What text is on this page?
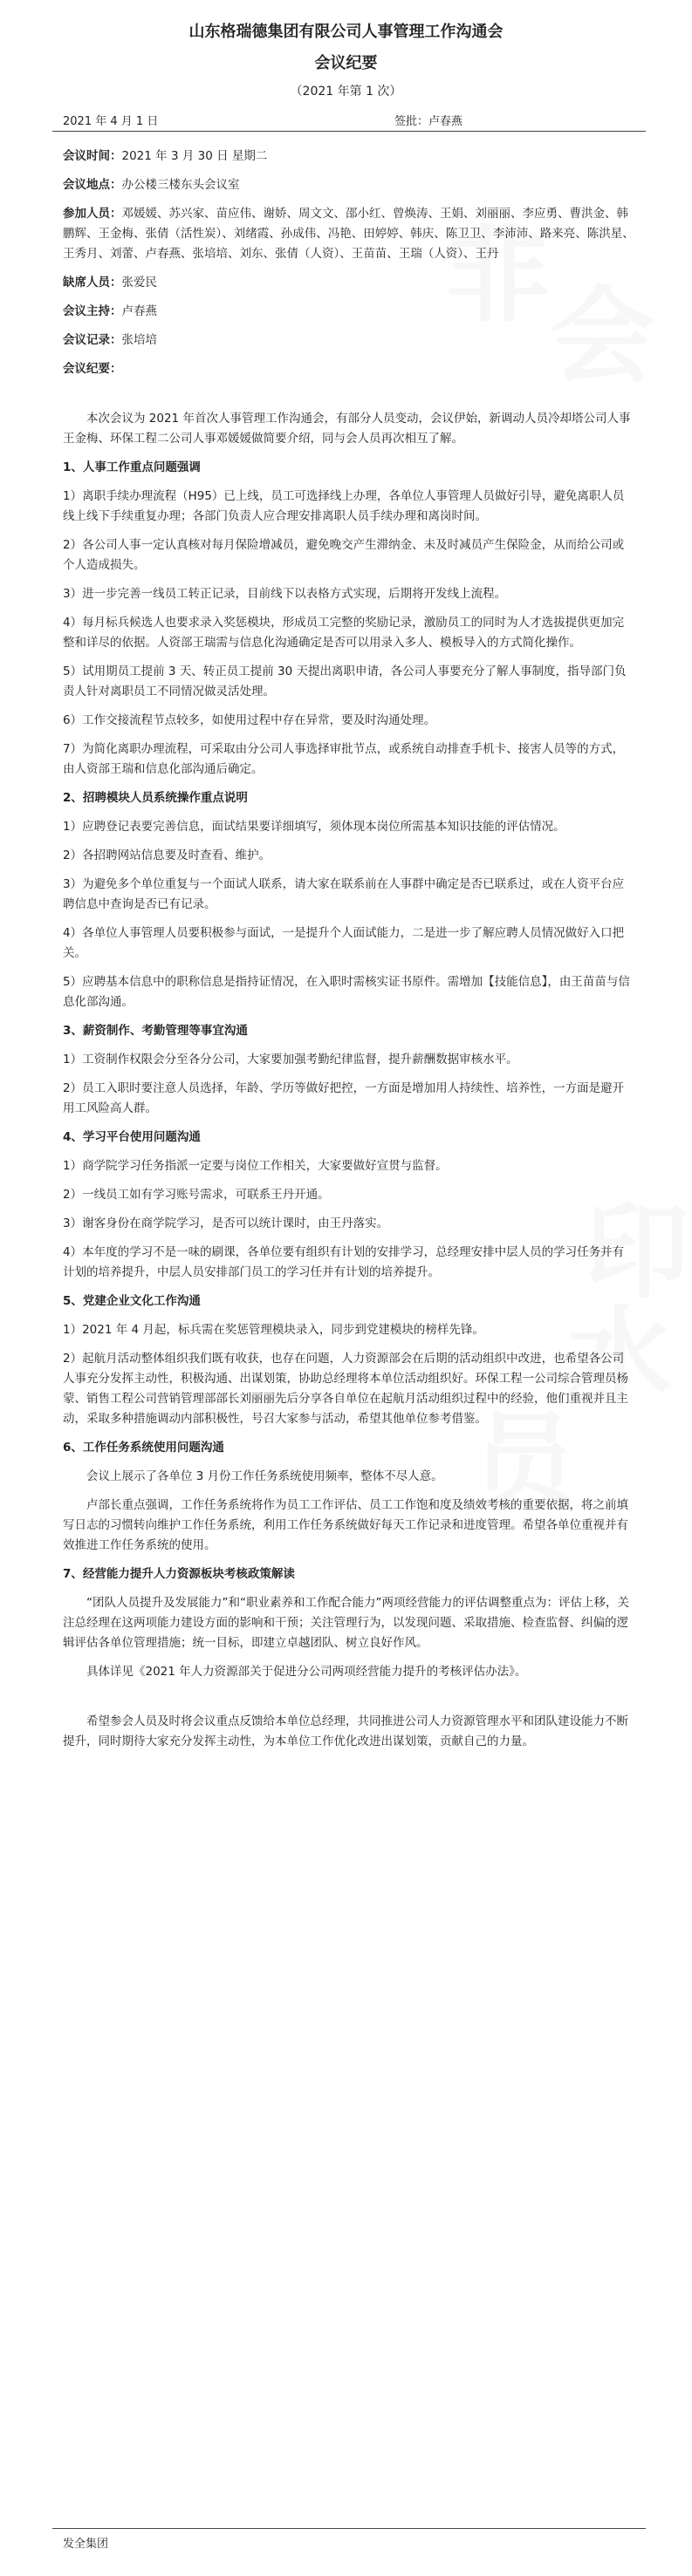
非
会
员
水
印
山东格瑞德集团有限公司人事管理工作沟通会
会议纪要
（2021 年第 1 次）
2021 年 4 月 1 日	签批：卢春燕
会议时间：2021 年 3 月 30 日 星期二
会议地点：办公楼三楼东头会议室
参加人员：邓媛媛、苏兴家、苗应伟、谢娇、周文文、邵小红、曾焕涛、王娟、刘丽丽、李应勇、曹洪金、韩鹏辉、王金梅、张倩（活性炭）、刘绪霞、孙成伟、冯艳、田婷婷、韩庆、陈卫卫、李沛沛、路来亮、陈洪星、王秀月、刘蕾、卢春燕、张培培、刘东、张倩（人资）、王苗苗、王瑞（人资）、王丹
缺席人员：张爱民
会议主持：卢春燕
会议记录：张培培
会议纪要：
本次会议为 2021 年首次人事管理工作沟通会，有部分人员变动，会议伊始，新调动人员冷却塔公司人事王金梅、环保工程二公司人事邓媛媛做简要介绍，同与会人员再次相互了解。
1、人事工作重点问题强调
1）离职手续办理流程（H95）已上线，员工可选择线上办理，各单位人事管理人员做好引导，避免离职人员线上线下手续重复办理；各部门负责人应合理安排离职人员手续办理和离岗时间。
2）各公司人事一定认真核对每月保险增减员，避免晚交产生滞纳金、未及时减员产生保险金，从而给公司或个人造成损失。
3）进一步完善一线员工转正记录，目前线下以表格方式实现，后期将开发线上流程。
4）每月标兵候选人也要求录入奖惩模块，形成员工完整的奖励记录，激励员工的同时为人才选拔提供更加完整和详尽的依据。人资部王瑞需与信息化沟通确定是否可以用录入多人、模板导入的方式简化操作。
5）试用期员工提前 3 天、转正员工提前 30 天提出离职申请，各公司人事要充分了解人事制度，指导部门负责人针对离职员工不同情况做灵活处理。
6）工作交接流程节点较多，如使用过程中存在异常，要及时沟通处理。
7）为简化离职办理流程，可采取由分公司人事选择审批节点，或系统自动排查手机卡、接害人员等的方式，由人资部王瑞和信息化部沟通后确定。
2、招聘模块人员系统操作重点说明
1）应聘登记表要完善信息，面试结果要详细填写，须体现本岗位所需基本知识技能的评估情况。
2）各招聘网站信息要及时查看、维护。
3）为避免多个单位重复与一个面试人联系，请大家在联系前在人事群中确定是否已联系过，或在人资平台应聘信息中查询是否已有记录。
4）各单位人事管理人员要积极参与面试，一是提升个人面试能力，二是进一步了解应聘人员情况做好入口把关。
5）应聘基本信息中的职称信息是指持证情况，在入职时需核实证书原件。需增加【技能信息】，由王苗苗与信息化部沟通。
3、薪资制作、考勤管理等事宜沟通
1）工资制作权限会分至各分公司，大家要加强考勤纪律监督，提升薪酬数据审核水平。
2）员工入职时要注意人员选择，年龄、学历等做好把控，一方面是增加用人持续性、培养性，一方面是避开用工风险高人群。
4、学习平台使用问题沟通
1）商学院学习任务指派一定要与岗位工作相关，大家要做好宣贯与监督。
2）一线员工如有学习账号需求，可联系王丹开通。
3）谢客身份在商学院学习，是否可以统计课时，由王丹落实。
4）本年度的学习不是一味的刷课，各单位要有组织有计划的安排学习，总经理安排中层人员的学习任务并有计划的培养提升，中层人员安排部门员工的学习任并有计划的培养提升。
5、党建企业文化工作沟通
1）2021 年 4 月起，标兵需在奖惩管理模块录入，同步到党建模块的榜样先锋。
2）起航月活动整体组织我们既有收获，也存在问题，人力资源部会在后期的活动组织中改进，也希望各公司人事充分发挥主动性，积极沟通、出谋划策，协助总经理将本单位活动组织好。环保工程一公司综合管理员杨蒙、销售工程公司营销管理部部长刘丽丽先后分享各自单位在起航月活动组织过程中的经验，他们重视并且主动，采取多种措施调动内部积极性，号召大家参与活动，希望其他单位参考借鉴。
6、工作任务系统使用问题沟通
会议上展示了各单位 3 月份工作任务系统使用频率，整体不尽人意。
卢部长重点强调，工作任务系统将作为员工工作评估、员工工作饱和度及绩效考核的重要依据，将之前填写日志的习惯转向维护工作任务系统，利用工作任务系统做好每天工作记录和进度管理。希望各单位重视并有效推进工作任务系统的使用。
7、经营能力提升人力资源板块考核政策解读
“团队人员提升及发展能力”和“职业素养和工作配合能力”两项经营能力的评估调整重点为：评估上移，关注总经理在这两项能力建设方面的影响和干预；关注管理行为，以发现问题、采取措施、检查监督、纠偏的逻辑评估各单位管理措施；统一目标，即建立卓越团队、树立良好作风。
具体详见《2021 年人力资源部关于促进分公司两项经营能力提升的考核评估办法》。
希望参会人员及时将会议重点反馈给本单位总经理，共同推进公司人力资源管理水平和团队建设能力不断提升，同时期待大家充分发挥主动性，为本单位工作优化改进出谋划策，贡献自己的力量。
发全集团
